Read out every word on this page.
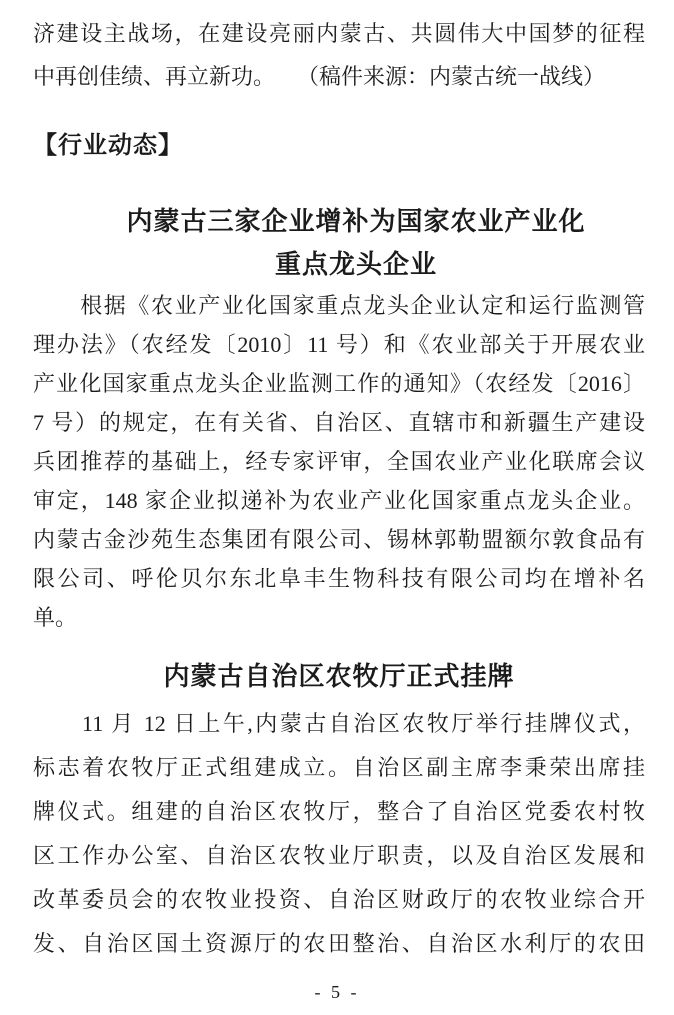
济建设主战场，在建设亮丽内蒙古、共圆伟大中国梦的征程
中再创佳绩、再立新功。　　（稿件来源：内蒙古统一战线）
【行业动态】
内蒙古三家企业增补为国家农业产业化
重点龙头企业
　　根据《农业产业化国家重点龙头企业认定和运行监测管
理办法》（农经发〔2010〕11 号）和《农业部关于开展农业
产业化国家重点龙头企业监测工作的通知》（农经发〔2016〕
7 号）的规定，在有关省、自治区、直辖市和新疆生产建设
兵团推荐的基础上，经专家评审，全国农业产业化联席会议
审定，148 家企业拟递补为农业产业化国家重点龙头企业。
内蒙古金沙苑生态集团有限公司、锡林郭勒盟额尔敦食品有
限公司、呼伦贝尔东北阜丰生物科技有限公司均在增补名
单。
内蒙古自治区农牧厅正式挂牌
　　11 月 12 日上午,内蒙古自治区农牧厅举行挂牌仪式，
标志着农牧厅正式组建成立。自治区副主席李秉荣出席挂
牌仪式。组建的自治区农牧厅，整合了自治区党委农村牧
区工作办公室、自治区农牧业厅职责，以及自治区发展和
改革委员会的农牧业投资、自治区财政厅的农牧业综合开
发、自治区国土资源厅的农田整治、自治区水利厅的农田
- 5 -
